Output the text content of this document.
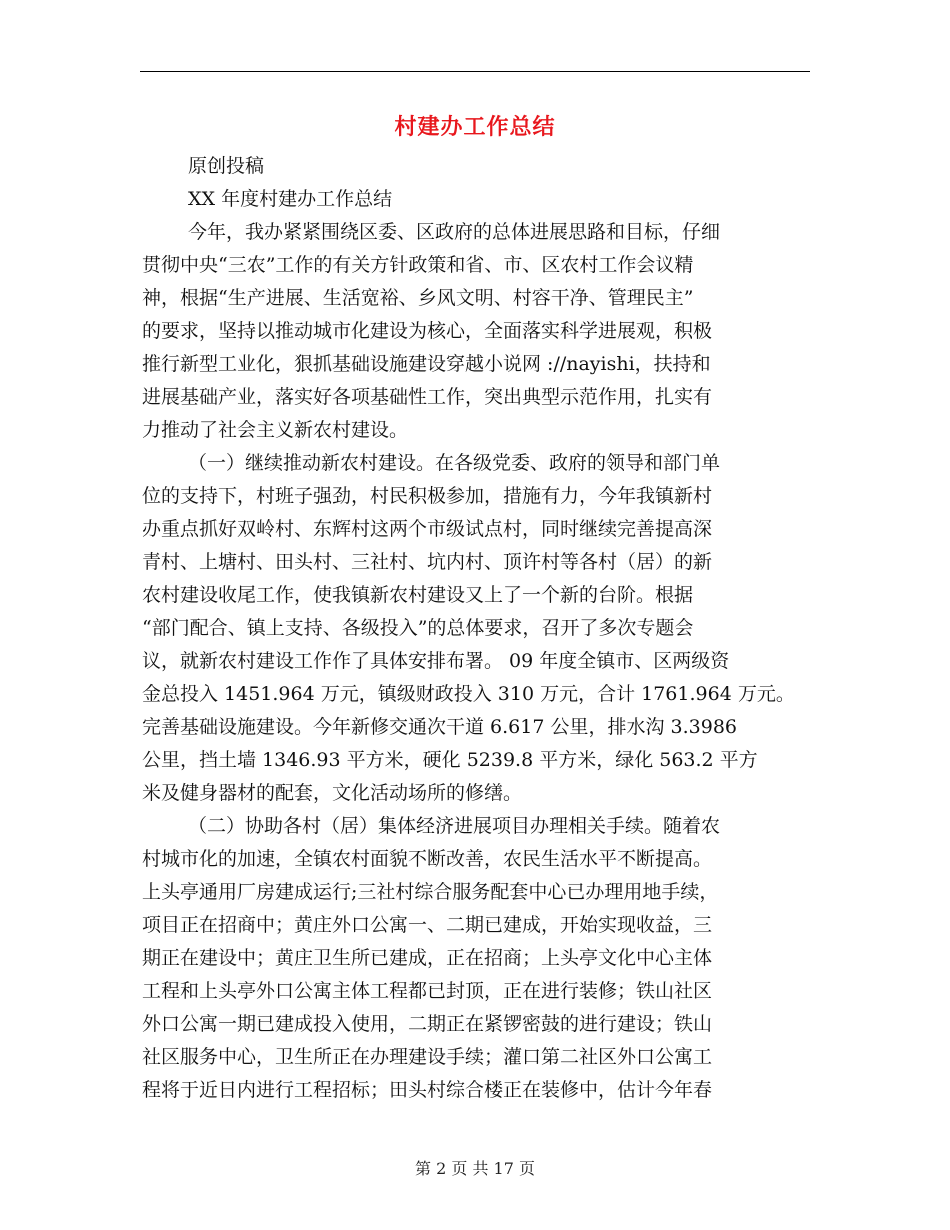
村建办工作总结
原创投稿
XX 年度村建办工作总结
今年，我办紧紧围绕区委、区政府的总体进展思路和目标，仔细
贯彻中央“三农”工作的有关方针政策和省、市、区农村工作会议精
神，根据“生产进展、生活宽裕、乡风文明、村容干净、管理民主”
的要求，坚持以推动城市化建设为核心，全面落实科学进展观，积极
推行新型工业化，狠抓基础设施建设穿越小说网 ://nayishi，扶持和
进展基础产业，落实好各项基础性工作，突出典型示范作用，扎实有
力推动了社会主义新农村建设。
（一）继续推动新农村建设。在各级党委、政府的领导和部门单
位的支持下，村班子强劲，村民积极参加，措施有力，今年我镇新村
办重点抓好双岭村、东辉村这两个市级试点村，同时继续完善提高深
青村、上塘村、田头村、三社村、坑内村、顶许村等各村（居）的新
农村建设收尾工作，使我镇新农村建设又上了一个新的台阶。根据
“部门配合、镇上支持、各级投入”的总体要求，召开了多次专题会
议，就新农村建设工作作了具体安排布署。 09 年度全镇市、区两级资
金总投入 1451.964 万元，镇级财政投入 310 万元，合计 1761.964 万元。
完善基础设施建设。今年新修交通次干道 6.617 公里，排水沟 3.3986
公里，挡土墙 1346.93 平方米，硬化 5239.8 平方米，绿化 563.2 平方
米及健身器材的配套，文化活动场所的修缮。
（二）协助各村（居）集体经济进展项目办理相关手续。随着农
村城市化的加速，全镇农村面貌不断改善，农民生活水平不断提高。
上头亭通用厂房建成运行;三社村综合服务配套中心已办理用地手续，
项目正在招商中；黄庄外口公寓一、二期已建成，开始实现收益，三
期正在建设中；黄庄卫生所已建成，正在招商；上头亭文化中心主体
工程和上头亭外口公寓主体工程都已封顶，正在进行装修；铁山社区
外口公寓一期已建成投入使用，二期正在紧锣密鼓的进行建设；铁山
社区服务中心，卫生所正在办理建设手续；灌口第二社区外口公寓工
程将于近日内进行工程招标；田头村综合楼正在装修中，估计今年春
第 2 页 共 17 页
